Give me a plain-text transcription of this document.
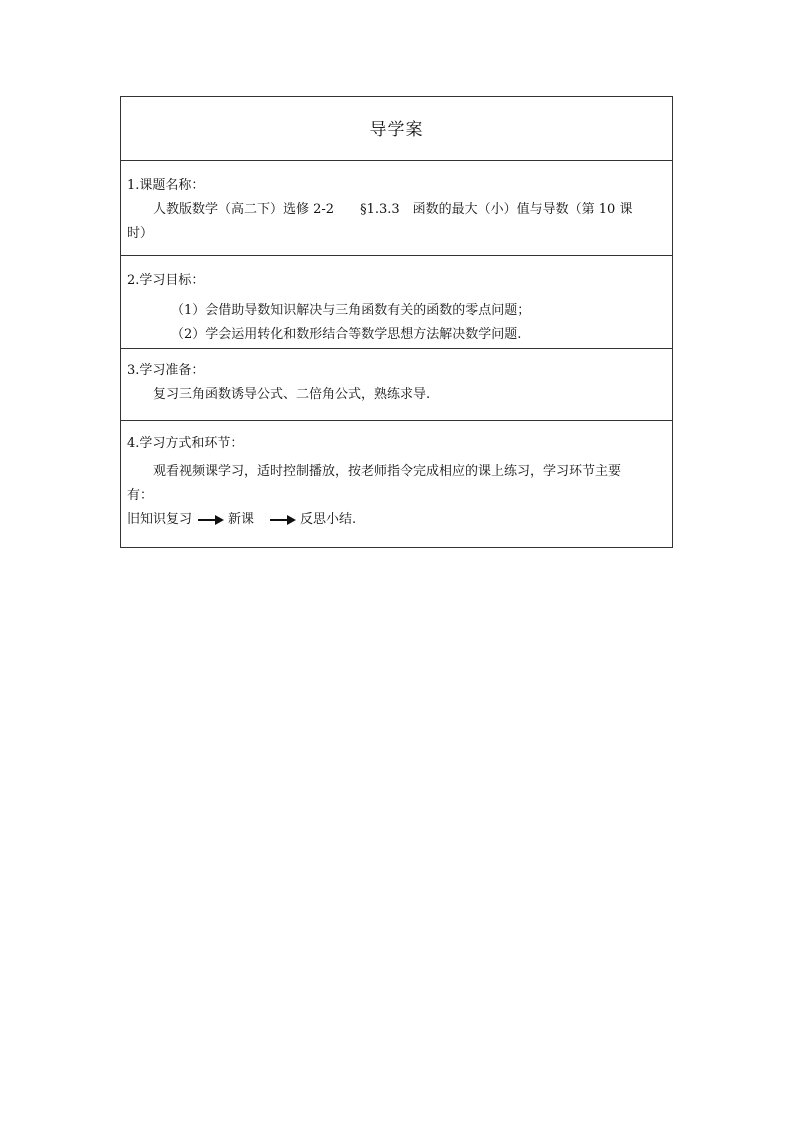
导学案
1.课题名称：
人教版数学（高二下）选修 2-2　　§1.3.3　函数的最大（小）值与导数（第 10 课
时）
2.学习目标：
（1）会借助导数知识解决与三角函数有关的函数的零点问题；
（2）学会运用转化和数形结合等数学思想方法解决数学问题.
3.学习准备：
复习三角函数诱导公式、二倍角公式，熟练求导.
4.学习方式和环节：
观看视频课学习，适时控制播放，按老师指令完成相应的课上练习，学习环节主要
有：
旧知识复习	新课	反思小结.
